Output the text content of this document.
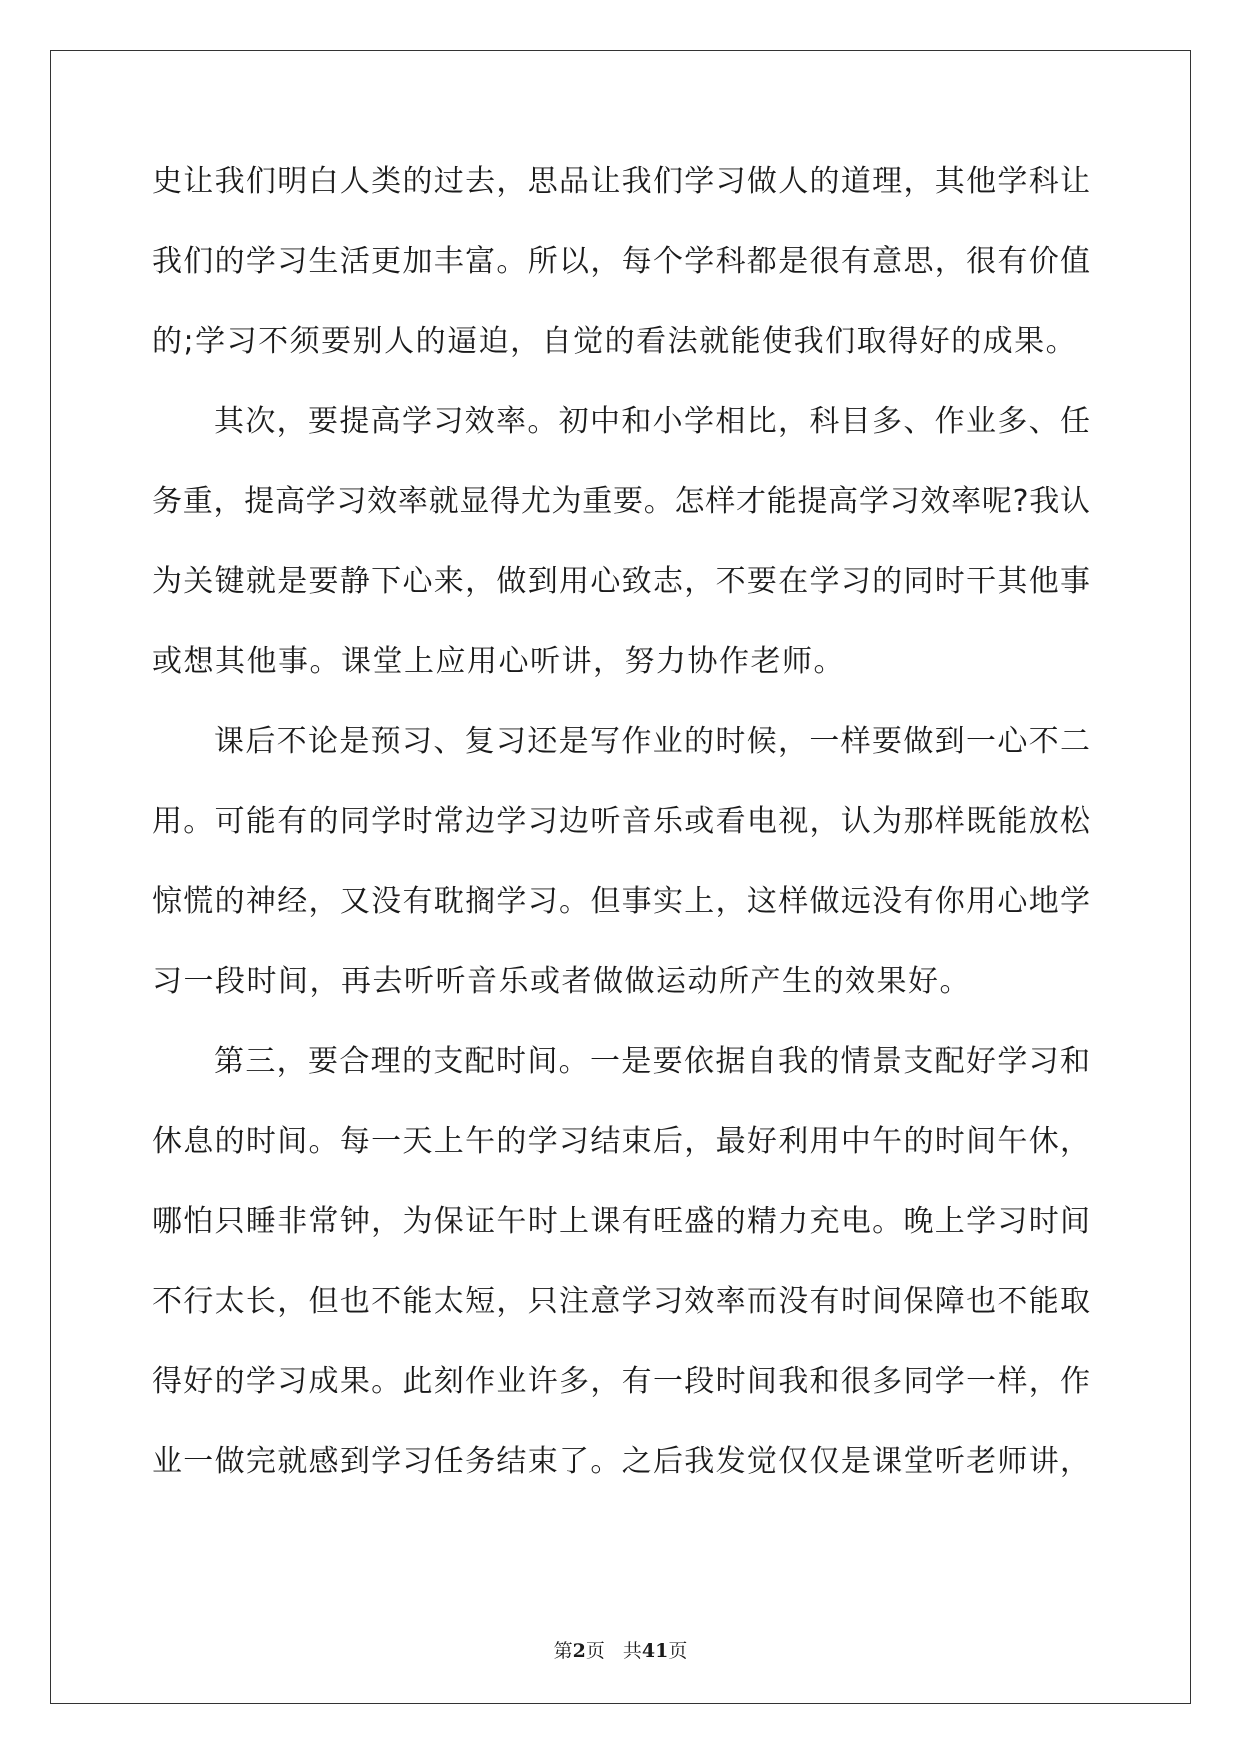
史让我们明白人类的过去，思品让我们学习做人的道理，其他学科让
我们的学习生活更加丰富。所以，每个学科都是很有意思，很有价值
的;学习不须要别人的逼迫，自觉的看法就能使我们取得好的成果。
其次，要提高学习效率。初中和小学相比，科目多、作业多、任
务重，提高学习效率就显得尤为重要。怎样才能提高学习效率呢?我认
为关键就是要静下心来，做到用心致志，不要在学习的同时干其他事
或想其他事。课堂上应用心听讲，努力协作老师。
课后不论是预习、复习还是写作业的时候，一样要做到一心不二
用。可能有的同学时常边学习边听音乐或看电视，认为那样既能放松
惊慌的神经，又没有耽搁学习。但事实上，这样做远没有你用心地学
习一段时间，再去听听音乐或者做做运动所产生的效果好。
第三，要合理的支配时间。一是要依据自我的情景支配好学习和
休息的时间。每一天上午的学习结束后，最好利用中午的时间午休，
哪怕只睡非常钟，为保证午时上课有旺盛的精力充电。晚上学习时间
不行太长，但也不能太短，只注意学习效率而没有时间保障也不能取
得好的学习成果。此刻作业许多，有一段时间我和很多同学一样，作
业一做完就感到学习任务结束了。之后我发觉仅仅是课堂听老师讲，
第2页 共41页
